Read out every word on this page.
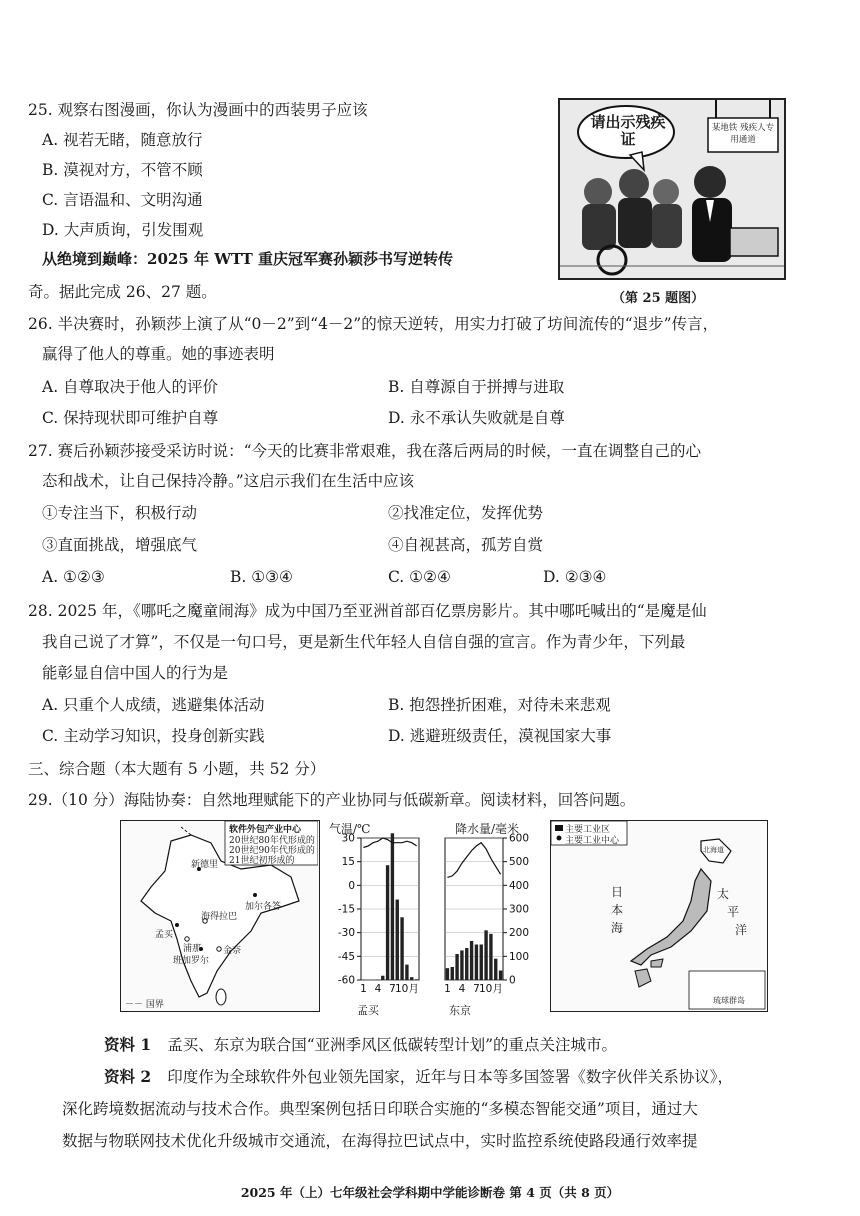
25. 观察右图漫画，你认为漫画中的西装男子应该
A. 视若无睹，随意放行
B. 漠视对方，不管不顾
C. 言语温和、文明沟通
D. 大声质询，引发围观
请出示残疾证
某地铁 残疾人专用通道
（第 25 题图）
从绝境到巅峰：2025 年 WTT 重庆冠军赛孙颖莎书写逆转传
奇。据此完成 26、27 题。
26. 半决赛时，孙颖莎上演了从“0－2”到“4－2”的惊天逆转，用实力打破了坊间流传的“退步”传言，
赢得了他人的尊重。她的事迹表明
A. 自尊取决于他人的评价	B. 自尊源自于拼搏与进取
C. 保持现状即可维护自尊	D. 永不承认失败就是自尊
27. 赛后孙颖莎接受采访时说：“今天的比赛非常艰难，我在落后两局的时候，一直在调整自己的心
态和战术，让自己保持冷静。”这启示我们在生活中应该
①专注当下，积极行动	②找准定位，发挥优势
③直面挑战，增强底气	④自视甚高，孤芳自赏
A. ①②③	B. ①③④	C. ①②④	D. ②③④
28. 2025 年，《哪吒之魔童闹海》成为中国乃至亚洲首部百亿票房影片。其中哪吒喊出的“是魔是仙
我自己说了才算”，不仅是一句口号，更是新生代年轻人自信自强的宣言。作为青少年，下列最
能彰显自信中国人的行为是
A. 只重个人成绩，逃避集体活动	B. 抱怨挫折困难，对待未来悲观
C. 主动学习知识，投身创新实践	D. 逃避班级责任，漠视国家大事
三、综合题（本大题有 5 小题，共 52 分）
29.（10 分）海陆协奏：自然地理赋能下的产业协同与低碳新章。阅读材料，回答问题。
软件外包产业中心
20世纪80年代形成的
20世纪90年代形成的
21世纪初形成的
新德里
加尔各答
孟买
海得拉巴
浦那
班加罗尔
金奈
－－ 国界
气温/℃	降水量/毫米
30
15
0
-15
-30
-45
-60
600
500
400
300
200
100
0
1 4 7 10月 1 4 7 10月
孟买	东京
主要工业区
主要工业中心
日
本
海
太
平
洋
北海道
琉球群岛
资料 1 孟买、东京为联合国“亚洲季风区低碳转型计划”的重点关注城市。
资料 2 印度作为全球软件外包业领先国家，近年与日本等多国签署《数字伙伴关系协议》，
深化跨境数据流动与技术合作。典型案例包括日印联合实施的“多模态智能交通”项目，通过大
数据与物联网技术优化升级城市交通流，在海得拉巴试点中，实时监控系统使路段通行效率提
2025 年（上）七年级社会学科期中学能诊断卷 第 4 页（共 8 页）
